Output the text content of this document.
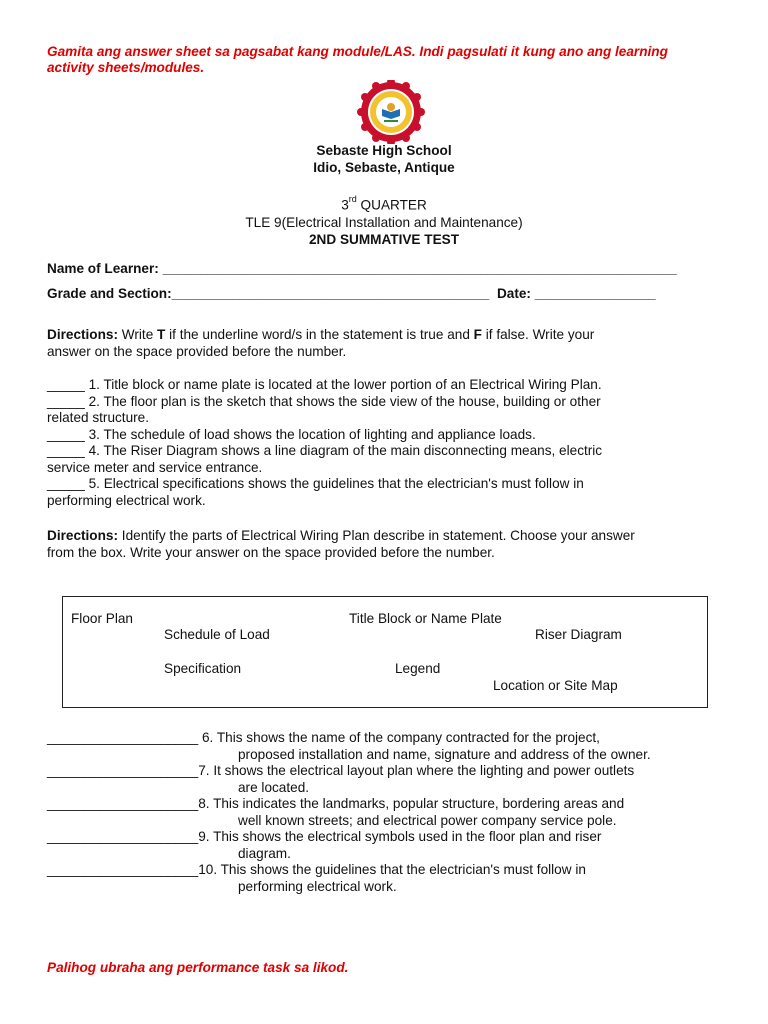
Gamita ang answer sheet sa pagsabat kang module/LAS. Indi pagsulati it kung ano ang learning
activity sheets/modules.
Sebaste High School
Idio, Sebaste, Antique
3rd QUARTER
TLE 9(Electrical Installation and Maintenance)
2ND SUMMATIVE TEST
Name of Learner: ____________________________________________________________________
Grade and Section:__________________________________________ Date: ________________
Directions: Write T if the underline word/s in the statement is true and F if false. Write your
answer on the space provided before the number.
_____ 1. Title block or name plate is located at the lower portion of an Electrical Wiring Plan.
_____ 2. The floor plan is the sketch that shows the side view of the house, building or other
related structure.
_____ 3. The schedule of load shows the location of lighting and appliance loads.
_____ 4. The Riser Diagram shows a line diagram of the main disconnecting means, electric
service meter and service entrance.
_____ 5. Electrical specifications shows the guidelines that the electrician's must follow in
performing electrical work.
Directions: Identify the parts of Electrical Wiring Plan describe in statement. Choose your answer
from the box. Write your answer on the space provided before the number.
Floor Plan	Title Block or Name Plate
Schedule of Load	Riser Diagram
Specification	Legend
Location or Site Map
____________________ 6. This shows the name of the company contracted for the project,
proposed installation and name, signature and address of the owner.
____________________7. It shows the electrical layout plan where the lighting and power outlets
are located.
____________________8. This indicates the landmarks, popular structure, bordering areas and
well known streets; and electrical power company service pole.
____________________9. This shows the electrical symbols used in the floor plan and riser
diagram.
____________________10. This shows the guidelines that the electrician's must follow in
performing electrical work.
Palihog ubraha ang performance task sa likod.
